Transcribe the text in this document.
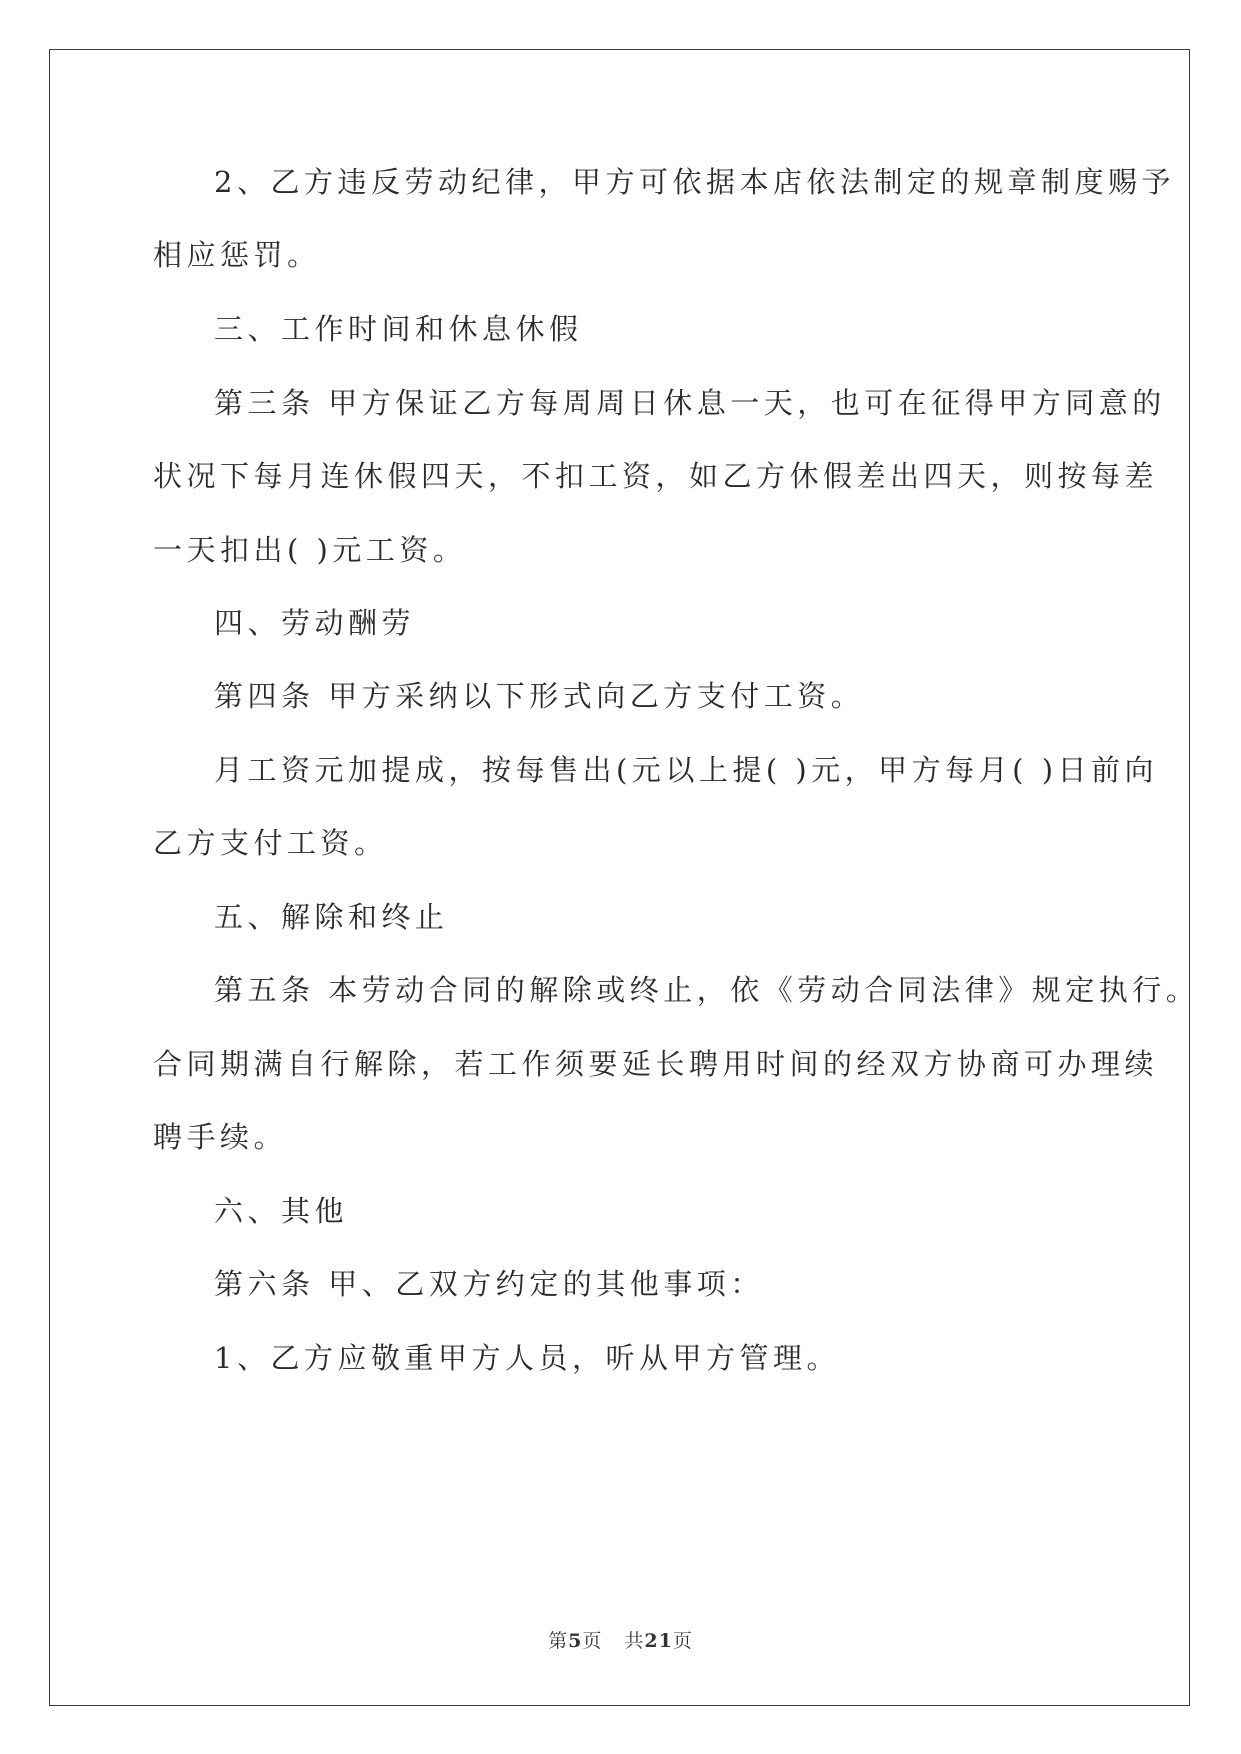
2、乙方违反劳动纪律，甲方可依据本店依法制定的规章制度赐予
相应惩罚。
三、工作时间和休息休假
第三条 甲方保证乙方每周周日休息一天，也可在征得甲方同意的
状况下每月连休假四天，不扣工资，如乙方休假差出四天，则按每差
一天扣出( )元工资。
四、劳动酬劳
第四条 甲方采纳以下形式向乙方支付工资。
月工资元加提成，按每售出(元以上提( )元，甲方每月( )日前向
乙方支付工资。
五、解除和终止
第五条 本劳动合同的解除或终止，依《劳动合同法律》规定执行。
合同期满自行解除，若工作须要延长聘用时间的经双方协商可办理续
聘手续。
六、其他
第六条 甲、乙双方约定的其他事项：
1、乙方应敬重甲方人员，听从甲方管理。
第5页 共21页
